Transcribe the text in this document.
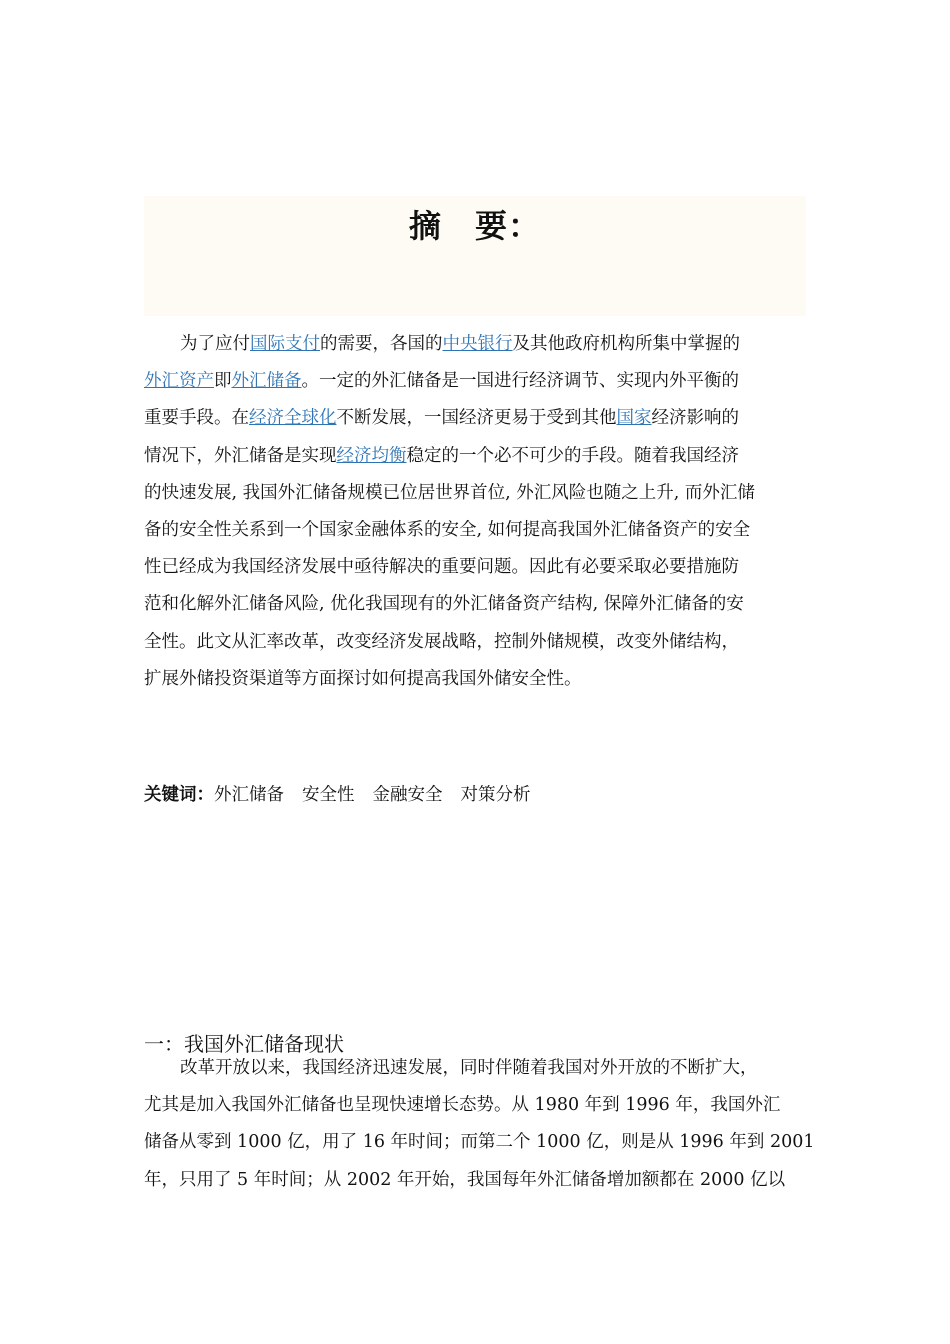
摘　要：
为了应付国际支付的需要，各国的中央银行及其他政府机构所集中掌握的
外汇资产即外汇储备。一定的外汇储备是一国进行经济调节、实现内外平衡的
重要手段。在经济全球化不断发展，一国经济更易于受到其他国家经济影响的
情况下，外汇储备是实现经济均衡稳定的一个必不可少的手段。随着我国经济
的快速发展, 我国外汇储备规模已位居世界首位, 外汇风险也随之上升, 而外汇储
备的安全性关系到一个国家金融体系的安全, 如何提高我国外汇储备资产的安全
性已经成为我国经济发展中亟待解决的重要问题。因此有必要采取必要措施防
范和化解外汇储备风险, 优化我国现有的外汇储备资产结构, 保障外汇储备的安
全性。此文从汇率改革，改变经济发展战略，控制外储规模，改变外储结构，
扩展外储投资渠道等方面探讨如何提高我国外储安全性。
关键词：外汇储备 安全性 金融安全 对策分析
一：我国外汇储备现状
改革开放以来，我国经济迅速发展，同时伴随着我国对外开放的不断扩大，
尤其是加入我国外汇储备也呈现快速增长态势。从 1980 年到 1996 年，我国外汇
储备从零到 1000 亿，用了 16 年时间；而第二个 1000 亿，则是从 1996 年到 2001
年，只用了 5 年时间；从 2002 年开始，我国每年外汇储备增加额都在 2000 亿以
